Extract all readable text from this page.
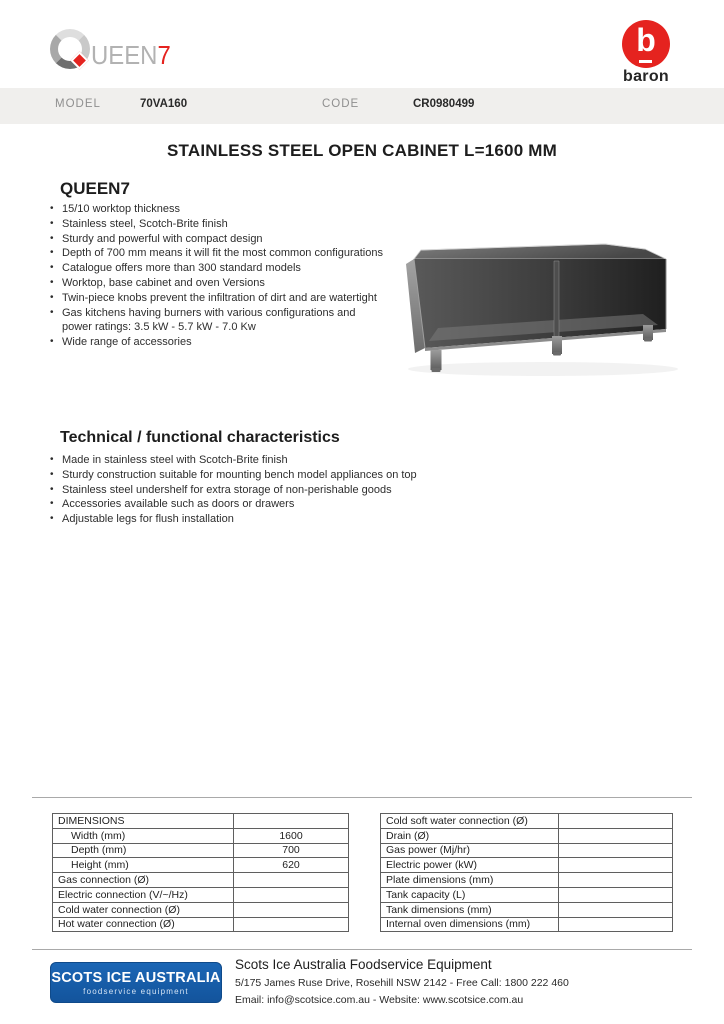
UEEN7	b
baron
MODEL	70VA160	CODE	CR0980499
STAINLESS STEEL OPEN CABINET L=1600 MM
QUEEN7
• 15/10 worktop thickness
• Stainless steel, Scotch-Brite finish
• Sturdy and powerful with compact design
• Depth of 700 mm means it will fit the most common configurations
• Catalogue offers more than 300 standard models
• Worktop, base cabinet and oven Versions
• Twin-piece knobs prevent the infiltration of dirt and are watertight
• Gas kitchens having burners with various configurations and power ratings: 3.5 kW - 5.7 kW - 7.0 Kw
• Wide range of accessories
Technical / functional characteristics
• Made in stainless steel with Scotch-Brite finish
• Sturdy construction suitable for mounting bench model appliances on top
• Stainless steel undershelf for extra storage of non-perishable goods
• Accessories available such as doors or drawers
• Adjustable legs for flush installation
DIMENSIONS	
Width (mm)	1600
Depth (mm)	700
Height (mm)	620
Gas connection (Ø)	
Electric connection (V/~/Hz)	
Cold water connection (Ø)	
Hot water connection (Ø)	
Cold soft water connection (Ø)	
Drain (Ø)	
Gas power (Mj/hr)	
Electric power (kW)	
Plate dimensions (mm)	
Tank capacity (L)	
Tank dimensions (mm)	
Internal oven dimensions (mm)	
SCOTS ICE AUSTRALIA
foodservice equipment
Scots Ice Australia Foodservice Equipment
5/175 James Ruse Drive, Rosehill NSW 2142 - Free Call: 1800 222 460
Email: info@scotsice.com.au - Website: www.scotsice.com.au
